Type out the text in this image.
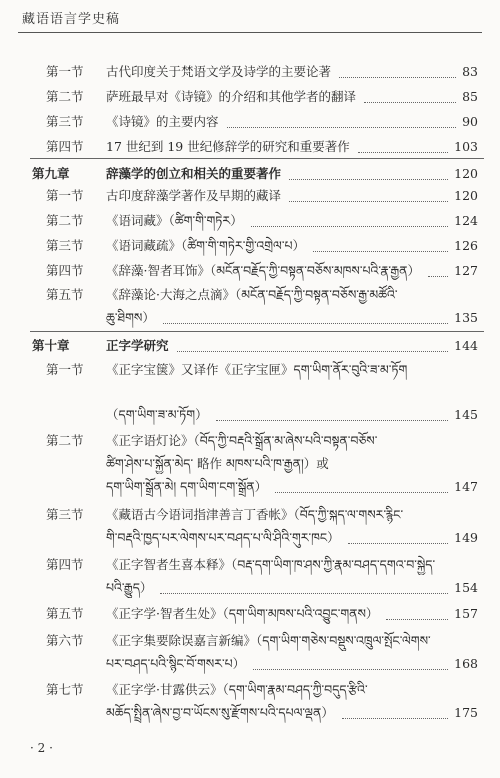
藏语语言学史稿
第一节 古代印度关于梵语文学及诗学的主要论著	83
第二节 萨班最早对《诗镜》的介绍和其他学者的翻译	85
第三节 《诗镜》的主要内容	90
第四节 17 世纪到 19 世纪修辞学的研究和重要著作	103
第九章	辞藻学的创立和相关的重要著作	120
第一节 古印度辞藻学著作及早期的藏译	120
第二节 《语词藏》（ཚིག་གི་གཏེར）	124
第三节 《语词藏疏》（ཚིག་གི་གཏེར་གྱི་འགྲེལ་པ）	126
第四节 《辞藻·智者耳饰》（མངོན་བརྗོད་ཀྱི་བསྟན་བཅོས་མཁས་པའི་རྣ་རྒྱན）	127
第五节 《辞藻论·大海之点滴》（མངོན་བརྗོད་ཀྱི་བསྟན་བཅོས་རྒྱ་མཚོའི་
ཆུ་ཐིགས）	135
第十章	正字学研究	144
第一节 《正字宝箧》又译作《正字宝匣》དག་ཡིག་ནོར་བུའི་ཟ་མ་ཏོག
（དག་ཡིག་ཟ་མ་ཏོག）	145
第二节 《正字语灯论》（བོད་ཀྱི་བརྡའི་སྒྲོན་མ་ཞེས་པའི་བསྟན་བཅོས་
ཚིག་ཤེས་པ་སྐྱོན་མེད་ 略作 མཁས་པའི་ཁ་རྒྱན།）或
དག་ཡིག་སྒྲོན་མེ། དག་ཡིག་ངག་སྒྲོན）	147
第三节 《藏语古今语词指津善言丁香帐》（བོད་ཀྱི་སྐད་ལ་གསར་རྙིང་
གི་བརྡའི་ཁྱད་པར་ལེགས་པར་བཤད་པ་ལི་ཤིའི་གུར་ཁང）	149
第四节 《正字智者生喜本释》（བརྡ་དག་ཡིག་ཁ་ཤས་ཀྱི་རྣམ་བཤད་དགའ་བ་སྐྱེད་
པའི་རྒྱུད）	154
第五节 《正字学·智者生处》（དག་ཡིག་མཁས་པའི་འབྱུང་གནས）	157
第六节 《正字集要除误嘉言新编》（དག་ཡིག་གཅེས་བསྡུས་འཁྲུལ་སྤོང་ལེགས་
པར་བཤད་པའི་སྙིང་བོ་གསར་པ）	168
第七节 《正字学·甘露供云》（དག་ཡིག་རྣམ་བཤད་ཀྱི་བདུད་རྩིའི་
མཆོད་སྤྲིན་ཞེས་བྱ་བ་ཡོངས་སུ་རྫོགས་པའི་དཔལ་ལྡན）	175
· 2 ·
